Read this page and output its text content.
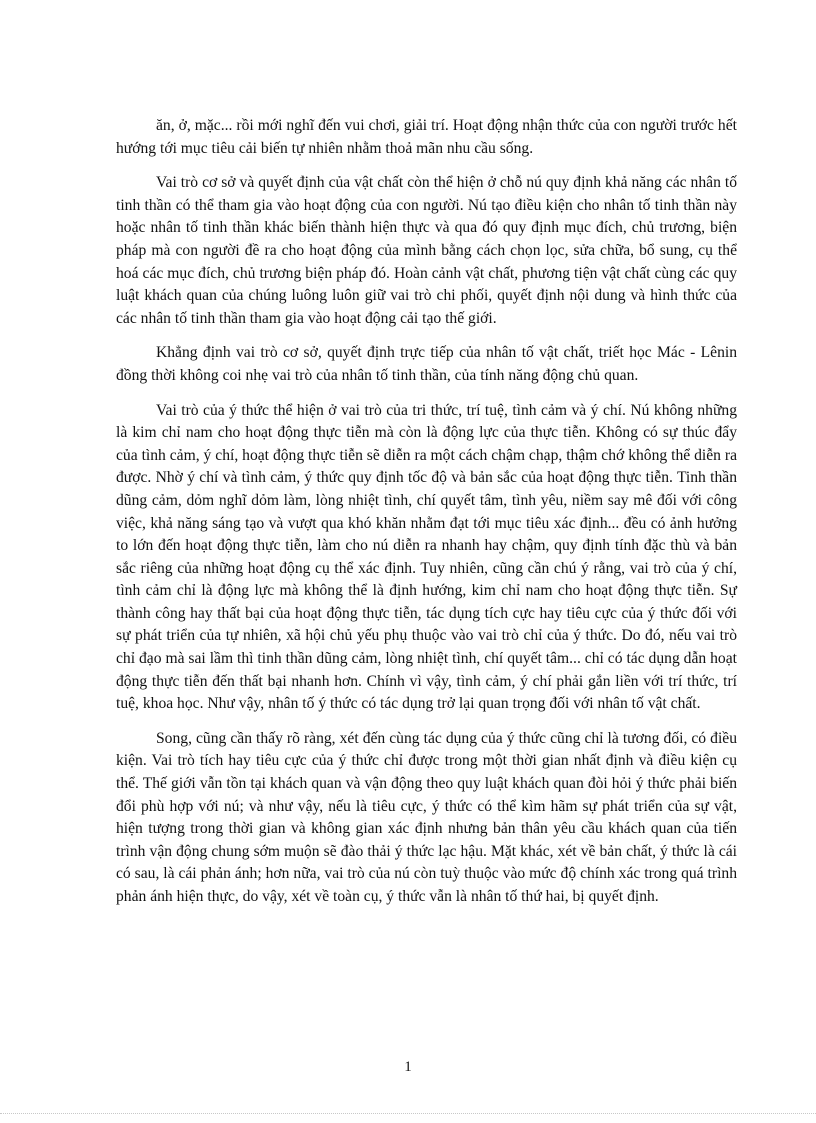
ăn, ở, mặc... rồi mới nghĩ đến vui chơi, giải trí. Hoạt động nhận thức của con người trước hết hướng tới mục tiêu cải biến tự nhiên nhằm thoả mãn nhu cầu sống.

Vai trò cơ sở và quyết định của vật chất còn thể hiện ở chỗ nú quy định khả năng các nhân tố tinh thần có thể tham gia vào hoạt động của con người. Nú tạo điều kiện cho nhân tố tinh thần này hoặc nhân tố tinh thần khác biến thành hiện thực và qua đó quy định mục đích, chủ trương, biện pháp mà con người đề ra cho hoạt động của mình bằng cách chọn lọc, sửa chữa, bổ sung, cụ thể hoá các mục đích, chủ trương biện pháp đó. Hoàn cảnh vật chất, phương tiện vật chất cùng các quy luật khách quan của chúng luông luôn giữ vai trò chi phối, quyết định nội dung và hình thức của các nhân tố tinh thần tham gia vào hoạt động cải tạo thế giới.

Khẳng định vai trò cơ sở, quyết định trực tiếp của nhân tố vật chất, triết học Mác - Lênin đồng thời không coi nhẹ vai trò của nhân tố tinh thần, của tính năng động chủ quan.

Vai trò của ý thức thể hiện ở vai trò của tri thức, trí tuệ, tình cảm và ý chí. Nú không những là kim chỉ nam cho hoạt động thực tiễn mà còn là động lực của thực tiễn. Không có sự thúc đẩy của tình cảm, ý chí, hoạt động thực tiễn sẽ diễn ra một cách chậm chạp, thậm chớ không thể diễn ra được. Nhờ ý chí và tình cảm, ý thức quy định tốc độ và bản sắc của hoạt động thực tiễn. Tinh thần dũng cảm, dỏm nghĩ dỏm làm, lòng nhiệt tình, chí quyết tâm, tình yêu, niềm say mê đối với công việc, khả năng sáng tạo và vượt qua khó khăn nhằm đạt tới mục tiêu xác định... đều có ảnh hưởng to lớn đến hoạt động thực tiễn, làm cho nú diễn ra nhanh hay chậm, quy định tính đặc thù và bản sắc riêng của những hoạt động cụ thể xác định. Tuy nhiên, cũng cần chú ý rằng, vai trò của ý chí, tình cảm chỉ là động lực mà không thể là định hướng, kim chỉ nam cho hoạt động thực tiễn. Sự thành công hay thất bại của hoạt động thực tiễn, tác dụng tích cực hay tiêu cực của ý thức đối với sự phát triển của tự nhiên, xã hội chủ yếu phụ thuộc vào vai trò chỉ của ý thức. Do đó, nếu vai trò chỉ đạo mà sai lầm thì tinh thần dũng cảm, lòng nhiệt tình, chí quyết tâm... chỉ có tác dụng dẫn hoạt động thực tiễn đến thất bại nhanh hơn. Chính vì vậy, tình cảm, ý chí phải gắn liền với trí thức, trí tuệ, khoa học. Như vậy, nhân tố ý thức có tác dụng trở lại quan trọng đối với nhân tố vật chất.

Song, cũng cần thấy rõ ràng, xét đến cùng tác dụng của ý thức cũng chỉ là tương đối, có điều kiện. Vai trò tích hay tiêu cực của ý thức chỉ được trong một thời gian nhất định và điều kiện cụ thể. Thế giới vẫn tồn tại khách quan và vận động theo quy luật khách quan đòi hỏi ý thức phải biến đổi phù hợp với nú; và như vậy, nếu là tiêu cực, ý thức có thể kìm hãm sự phát triển của sự vật, hiện tượng trong thời gian và không gian xác định nhưng bản thân yêu cầu khách quan của tiến trình vận động chung sớm muộn sẽ đào thải ý thức lạc hậu. Mặt khác, xét về bản chất, ý thức là cái có sau, là cái phản ánh; hơn nữa, vai trò của nú còn tuỳ thuộc vào mức độ chính xác trong quá trình phản ánh hiện thực, do vậy, xét về toàn cụ, ý thức vẫn là nhân tố thứ hai, bị quyết định.

1
